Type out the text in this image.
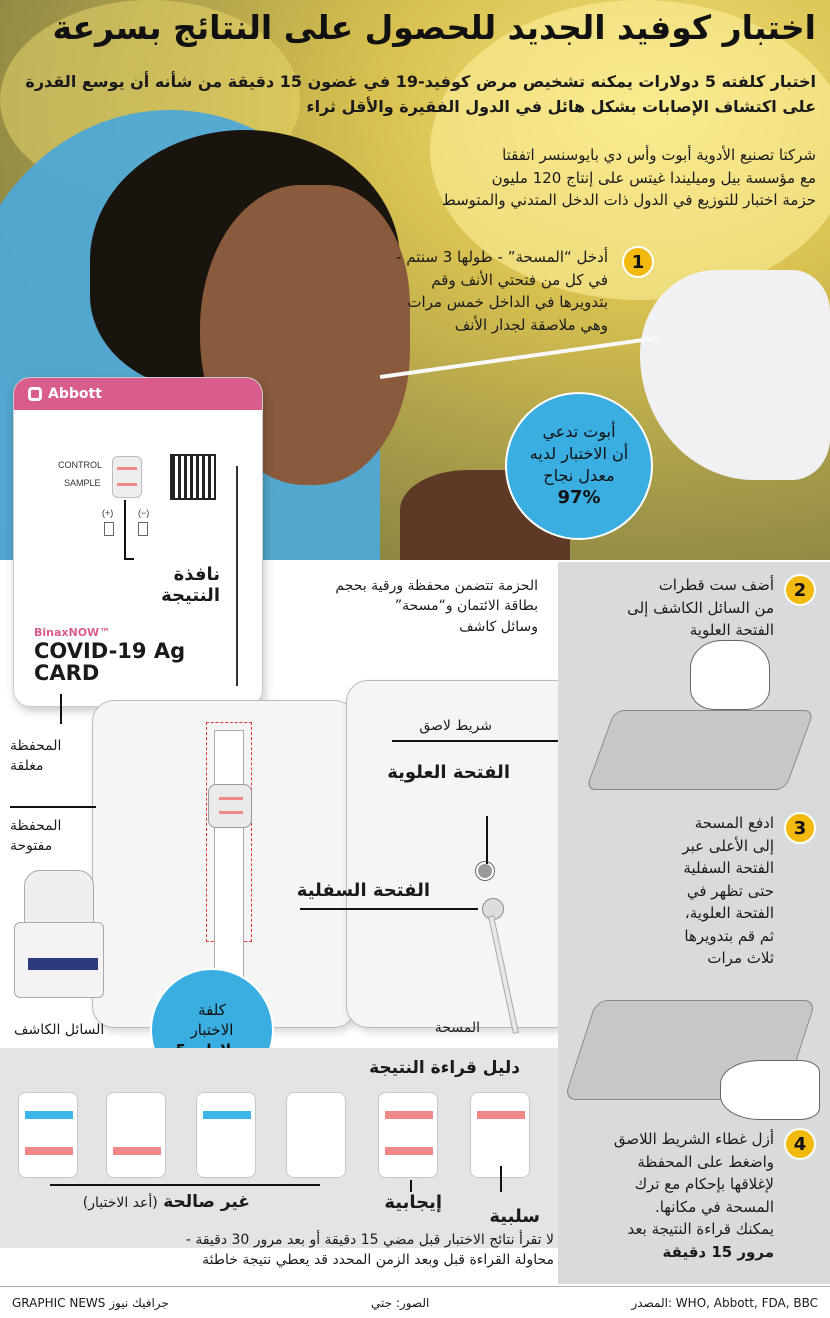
اختبار كوفيد الجديد للحصول على النتائج بسرعة
اختبار كلفته 5 دولارات يمكنه تشخيص مرض كوفيد-19 في غضون 15 دقيقة من شأنه أن يوسع القدرة
على اكتشاف الإصابات بشكل هائل في الدول الفقيرة والأقل ثراء
شركتا تصنيع الأدوية أبوت وأس دي بايوسنسر اتفقتا
مع مؤسسة بيل وميليندا غيتس على إنتاج 120 مليون
حزمة اختبار للتوزيع في الدول ذات الدخل المتدني والمتوسط
1
أدخل “المسحة” - طولها 3 سنتم -
في كل من فتحتي الأنف وقم
بتدويرها في الداخل خمس مرات
وهي ملاصقة لجدار الأنف
أبوت تدعي
أن الاختبار لديه
معدل نجاح
97%
Abbott
CONTROL
SAMPLE
(+)	(−)
نافذة النتيجة
BinaxNOW™
COVID-19 Ag
CARD
الحزمة تتضمن محفظة ورقية بحجم
بطاقة الائتمان و“مسحة”
وسائل كاشف
شريط لاصق
الفتحة العلوية
الفتحة السفلية
المسحة
المحفظة
مغلقة
المحفظة
مفتوحة
السائل الكاشف
كلفة
الاختبار
2
أضف ست قطرات
من السائل الكاشف إلى
الفتحة العلوية
3
ادفع المسحة
إلى الأعلى عبر
الفتحة السفلية
حتى تظهر في
الفتحة العلوية،
ثم قم بتدويرها
ثلاث مرات
4
أزل غطاء الشريط اللاصق
واضغط على المحفظة
لإغلاقها بإحكام مع ترك
المسحة في مكانها.
يمكنك قراءة النتيجة بعد
مرور 15 دقيقة
دليل قراءة النتيجة
غير صالحة (أعد الاختبار)	إيجابية
سلبية
لا تقرأ نتائج الاختبار قبل مضي 15 دقيقة أو بعد مرور 30 دقيقة -
محاولة القراءة قبل وبعد الزمن المحدد قد يعطي نتيجة خاطئة
GRAPHIC NEWS جرافيك نيوز	الصور: جتي	المصدر: WHO, Abbott, FDA, BBC
